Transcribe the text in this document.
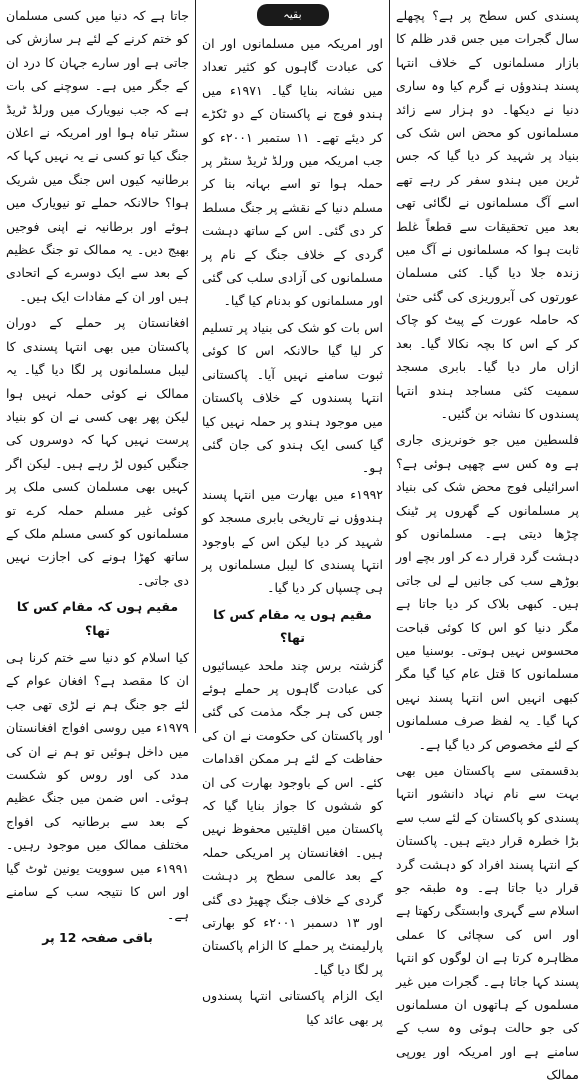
پسندی کس سطح پر ہے؟ پچھلے سال گجرات میں جس قدر ظلم کا بازار مسلمانوں کے خلاف انتہا پسند ہندوؤں نے گرم کیا وہ ساری دنیا نے دیکھا۔ دو ہزار سے زائد مسلمانوں کو محض اس شک کی بنیاد پر شہید کر دیا گیا کہ جس ٹرین میں ہندو سفر کر رہے تھے اسے آگ مسلمانوں نے لگائی تھی بعد میں تحقیقات سے قطعاً غلط ثابت ہوا کہ مسلمانوں نے آگ میں زندہ جلا دیا گیا۔ کئی مسلمان عورتوں کی آبروریزی کی گئی حتیٰ کہ حاملہ عورت کے پیٹ کو چاک کر کے اس کا بچہ نکالا گیا۔ بعد ازاں مار دیا گیا۔ بابری مسجد سمیت کئی مساجد ہندو انتہا پسندوں کا نشانہ بن گئیں۔

فلسطین میں جو خونریزی جاری ہے وہ کس سے چھپی ہوئی ہے؟ اسرائیلی فوج محض شک کی بنیاد پر مسلمانوں کے گھروں پر ٹینک چڑھا دیتی ہے۔ مسلمانوں کو دہشت گرد قرار دے کر اور بچے اور بوڑھے سب کی جانیں لے لی جاتی ہیں۔ کبھی بلاک کر دیا جاتا ہے مگر دنیا کو اس کا کوئی قباحت محسوس نہیں ہوتی۔ بوسنیا میں مسلمانوں کا قتل عام کیا گیا مگر کبھی انہیں اس انتہا پسند نہیں کہا گیا۔ یہ لفظ صرف مسلمانوں کے لئے مخصوص کر دیا گیا ہے۔

بدقسمتی سے پاکستان میں بھی بہت سے نام نہاد دانشور انتہا پسندی کو پاکستان کے لئے سب سے بڑا خطرہ قرار دیتے ہیں۔ پاکستان کے انتہا پسند افراد کو دہشت گرد قرار دیا جاتا ہے۔ وہ طبقہ جو اسلام سے گہری وابستگی رکھتا ہے اور اس کی سچائی کا عملی مظاہرہ کرتا ہے ان لوگوں کو انتہا پسند کہا جاتا ہے۔ گجرات میں غیر مسلموں کے ہاتھوں ان مسلمانوں کی جو حالت ہوئی وہ سب کے سامنے ہے اور امریکہ اور یورپی ممالک

بقیہ

اور امریکہ میں مسلمانوں اور ان کی عبادت گاہوں کو کثیر تعداد میں نشانہ بنایا گیا۔ ۱۹۷۱ء میں ہندو فوج نے پاکستان کے دو ٹکڑے کر دیئے تھے۔ ۱۱ ستمبر ۲۰۰۱ء کو جب امریکہ میں ورلڈ ٹریڈ سنٹر پر حملہ ہوا تو اسے بہانہ بنا کر مسلم دنیا کے نقشے پر جنگ مسلط کر دی گئی۔ اس کے ساتھ دہشت گردی کے خلاف جنگ کے نام پر مسلمانوں کی آزادی سلب کی گئی اور مسلمانوں کو بدنام کیا گیا۔

اس بات کو شک کی بنیاد پر تسلیم کر لیا گیا حالانکہ اس کا کوئی ثبوت سامنے نہیں آیا۔ پاکستانی انتہا پسندوں کے خلاف پاکستان میں موجود ہندو پر حملہ نہیں کیا گیا کسی ایک ہندو کی جان گئی ہو۔

۱۹۹۲ء میں بھارت میں انتہا پسند ہندوؤں نے تاریخی بابری مسجد کو شہید کر دیا لیکن اس کے باوجود انتہا پسندی کا لیبل مسلمانوں پر ہی چسپاں کر دیا گیا۔

مقیم ہوں یہ مقام کس کا تھا؟

گزشتہ برس چند ملحد عیسائیوں کی عبادت گاہوں پر حملے ہوئے جس کی ہر جگہ مذمت کی گئی اور پاکستان کی حکومت نے ان کی حفاظت کے لئے ہر ممکن اقدامات کئے۔ اس کے باوجود بھارت کی ان کو ششوں کا جواز بنایا گیا کہ پاکستان میں اقلیتیں محفوظ نہیں ہیں۔ افغانستان پر امریکی حملہ کے بعد عالمی سطح پر دہشت گردی کے خلاف جنگ چھیڑ دی گئی اور ۱۳ دسمبر ۲۰۰۱ء کو بھارتی پارلیمنٹ پر حملے کا الزام پاکستان پر لگا دیا گیا۔

ایک الزام پاکستانی انتہا پسندوں پر بھی عائد کیا

جاتا ہے کہ دنیا میں کسی مسلمان کو ختم کرنے کے لئے ہر سازش کی جاتی ہے اور سارے جہان کا درد ان کے جگر میں ہے۔ سوچنے کی بات ہے کہ جب نیویارک میں ورلڈ ٹریڈ سنٹر تباہ ہوا اور امریکہ نے اعلان جنگ کیا تو کسی نے یہ نہیں کہا کہ برطانیہ کیوں اس جنگ میں شریک ہوا؟ حالانکہ حملے تو نیویارک میں ہوئے اور برطانیہ نے اپنی فوجیں بھیج دیں۔ یہ ممالک تو جنگ عظیم کے بعد سے ایک دوسرے کے اتحادی ہیں اور ان کے مفادات ایک ہیں۔

افغانستان پر حملے کے دوران پاکستان میں بھی انتہا پسندی کا لیبل مسلمانوں پر لگا دیا گیا۔ یہ ممالک نے کوئی حملہ نہیں ہوا لیکن پھر بھی کسی نے ان کو بنیاد پرست نہیں کہا کہ دوسروں کی جنگیں کیوں لڑ رہے ہیں۔ لیکن اگر کہیں بھی مسلمان کسی ملک پر کوئی غیر مسلم حملہ کرے تو مسلمانوں کو کسی مسلم ملک کے ساتھ کھڑا ہونے کی اجازت نہیں دی جاتی۔

مقیم ہوں کہ مقام کس کا تھا؟

کیا اسلام کو دنیا سے ختم کرنا ہی ان کا مقصد ہے؟ افغان عوام کے لئے جو جنگ ہم نے لڑی تھی جب ۱۹۷۹ء میں روسی افواج افغانستان میں داخل ہوئیں تو ہم نے ان کی مدد کی اور روس کو شکست ہوئی۔ اس ضمن میں جنگ عظیم کے بعد سے برطانیہ کی افواج مختلف ممالک میں موجود رہیں۔ ۱۹۹۱ء میں سوویت یونین ٹوٹ گیا اور اس کا نتیجہ سب کے سامنے ہے۔

باقی صفحہ 12 پر
